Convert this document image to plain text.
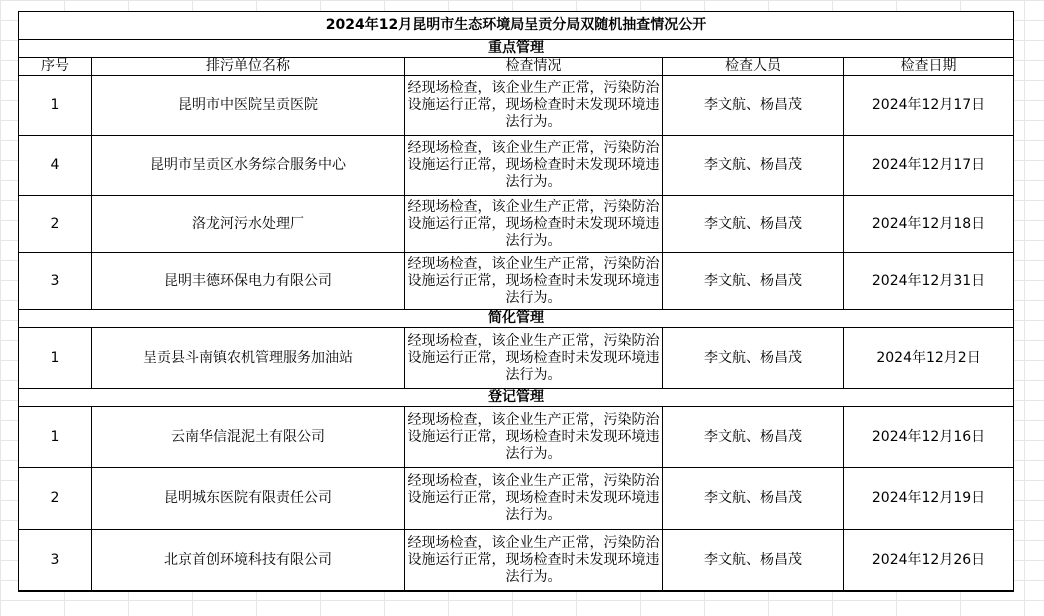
2024年12月昆明市生态环境局呈贡分局双随机抽查情况公开				
重点管理				
序号	排污单位名称	检查情况	检查人员	检查日期
1	昆明市中医院呈贡医院	经现场检查，该企业生产正常，污染防治设施运行正常，现场检查时未发现环境违法行为。	李文航、杨昌茂	2024年12月17日
4	昆明市呈贡区水务综合服务中心	经现场检查，该企业生产正常，污染防治设施运行正常，现场检查时未发现环境违法行为。	李文航、杨昌茂	2024年12月17日
2	洛龙河污水处理厂	经现场检查，该企业生产正常，污染防治设施运行正常，现场检查时未发现环境违法行为。	李文航、杨昌茂	2024年12月18日
3	昆明丰德环保电力有限公司	经现场检查，该企业生产正常，污染防治设施运行正常，现场检查时未发现环境违法行为。	李文航、杨昌茂	2024年12月31日
简化管理				
1	呈贡县斗南镇农机管理服务加油站	经现场检查，该企业生产正常，污染防治设施运行正常，现场检查时未发现环境违法行为。	李文航、杨昌茂	2024年12月2日
登记管理				
1	云南华信混泥土有限公司	经现场检查，该企业生产正常，污染防治设施运行正常，现场检查时未发现环境违法行为。	李文航、杨昌茂	2024年12月16日
2	昆明城东医院有限责任公司	经现场检查，该企业生产正常，污染防治设施运行正常，现场检查时未发现环境违法行为。	李文航、杨昌茂	2024年12月19日
3	北京首创环境科技有限公司	经现场检查，该企业生产正常，污染防治设施运行正常，现场检查时未发现环境违法行为。	李文航、杨昌茂	2024年12月26日
